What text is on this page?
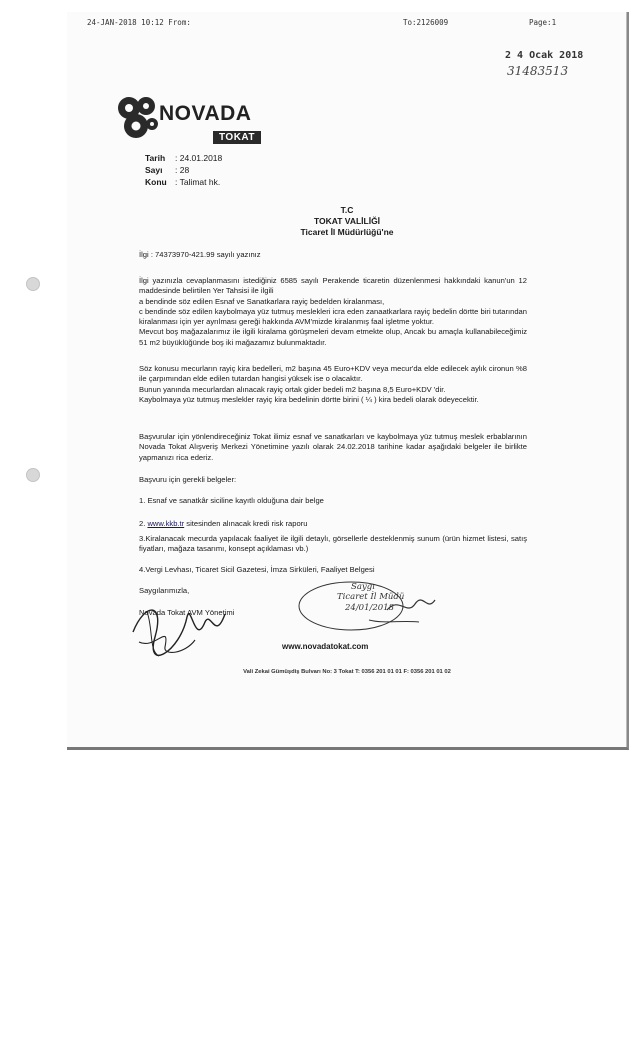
24-JAN-2018 10:12 From:	To:2126009	Page:1
2 4 Ocak 2018
31483513
NOVADA
TOKAT
Tarih	: 24.01.2018
Sayı	: 28
Konu : Talimat hk.
T.C
TOKAT VALİLİĞİ
Ticaret İl Müdürlüğü'ne
İlgi : 74373970-421.99 sayılı yazınız

İlgi yazınızla cevaplanmasını istediğiniz 6585 sayılı Perakende ticaretin düzenlenmesi hakkındaki kanun'un 12 maddesinde belirtilen Yer Tahsisi ile ilgili

a bendinde söz edilen Esnaf ve Sanatkarlara rayiç bedelden kiralanması,

c bendinde söz edilen kaybolmaya yüz tutmuş meslekleri icra eden zanaatkarlara rayiç bedelin dörtte biri tutarından kiralanması için yer ayrılması gereği hakkında AVM'mizde kiralanmış faal işletme yoktur.

Mevcut boş mağazalarımız ile ilgili kiralama görüşmeleri devam etmekte olup, Ancak bu amaçla kullanabileceğimiz 51 m2 büyüklüğünde boş iki mağazamız bulunmaktadır.

Söz konusu mecurların rayiç kira bedelleri, m2 başına 45 Euro+KDV veya mecur'da elde edilecek aylık cironun %8 ile çarpımından elde edilen tutardan hangisi yüksek ise o olacaktır.

Bunun yanında mecurlardan alınacak rayiç ortak gider bedeli m2 başına 8,5 Euro+KDV 'dir.

Kaybolmaya yüz tutmuş meslekler rayiç kira bedelinin dörtte birini ( ¼ ) kira bedeli olarak ödeyecektir.

Başvurular için yönlendireceğiniz Tokat ilimiz esnaf ve sanatkarları ve kaybolmaya yüz tutmuş meslek erbablarının Novada Tokat Alışveriş Merkezi Yönetimine yazılı olarak 24.02.2018 tarihine kadar aşağıdaki belgeler ile birlikte yapmanızı rica ederiz.

Başvuru için gerekli belgeler:
1. Esnaf ve sanatkâr siciline kayıtlı olduğuna dair belge
2. www.kkb.tr sitesinden alınacak kredi risk raporu
3.Kiralanacak mecurda yapılacak faaliyet ile ilgili detaylı, görsellerle desteklenmiş sunum (ürün hizmet listesi, satış fiyatları, mağaza tasarımı, konsept açıklaması vb.)
4.Vergi Levhası, Ticaret Sicil Gazetesi, İmza Sirküleri, Faaliyet Belgesi
Saygılarımızla,
Novada Tokat AVM Yönetimi
Saygı
Ticaret İl Müdü
24/01/2018
www.novadatokat.com
Vali Zekai Gümüşdiş Bulvarı No: 3 Tokat T: 0356 201 01 01 F: 0356 201 01 02
